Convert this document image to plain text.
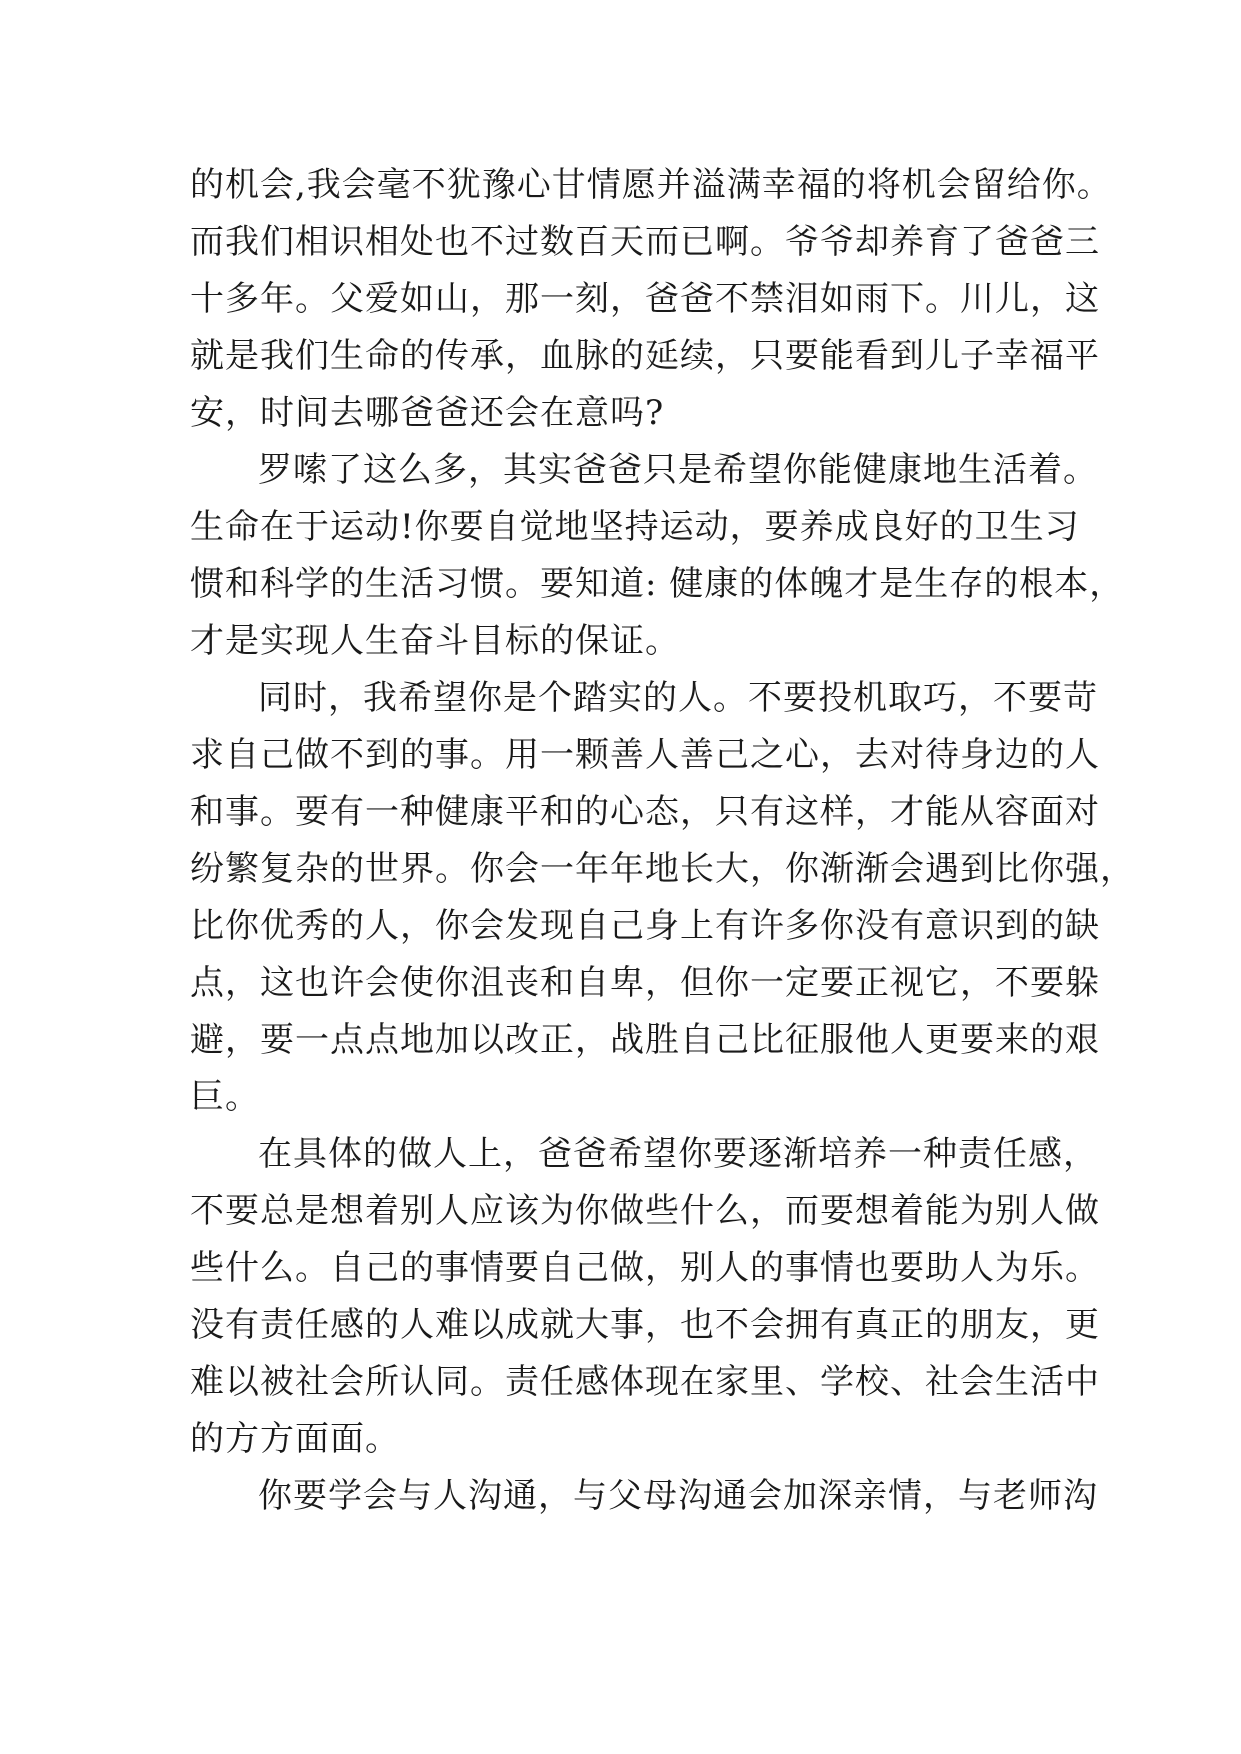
的机会,我会毫不犹豫心甘情愿并溢满幸福的将机会留给你。
而我们相识相处也不过数百天而已啊。爷爷却养育了爸爸三
十多年。父爱如山，那一刻，爸爸不禁泪如雨下。川儿，这
就是我们生命的传承，血脉的延续，只要能看到儿子幸福平
安，时间去哪爸爸还会在意吗?
罗嗦了这么多，其实爸爸只是希望你能健康地生活着。
生命在于运动!你要自觉地坚持运动，要养成良好的卫生习
惯和科学的生活习惯。要知道: 健康的体魄才是生存的根本，
才是实现人生奋斗目标的保证。
同时，我希望你是个踏实的人。不要投机取巧，不要苛
求自己做不到的事。用一颗善人善己之心，去对待身边的人
和事。要有一种健康平和的心态，只有这样，才能从容面对
纷繁复杂的世界。你会一年年地长大，你渐渐会遇到比你强，
比你优秀的人，你会发现自己身上有许多你没有意识到的缺
点，这也许会使你沮丧和自卑，但你一定要正视它，不要躲
避，要一点点地加以改正，战胜自己比征服他人更要来的艰
巨。
在具体的做人上，爸爸希望你要逐渐培养一种责任感，
不要总是想着别人应该为你做些什么，而要想着能为别人做
些什么。自己的事情要自己做，别人的事情也要助人为乐。
没有责任感的人难以成就大事，也不会拥有真正的朋友，更
难以被社会所认同。责任感体现在家里、学校、社会生活中
的方方面面。
你要学会与人沟通，与父母沟通会加深亲情，与老师沟
